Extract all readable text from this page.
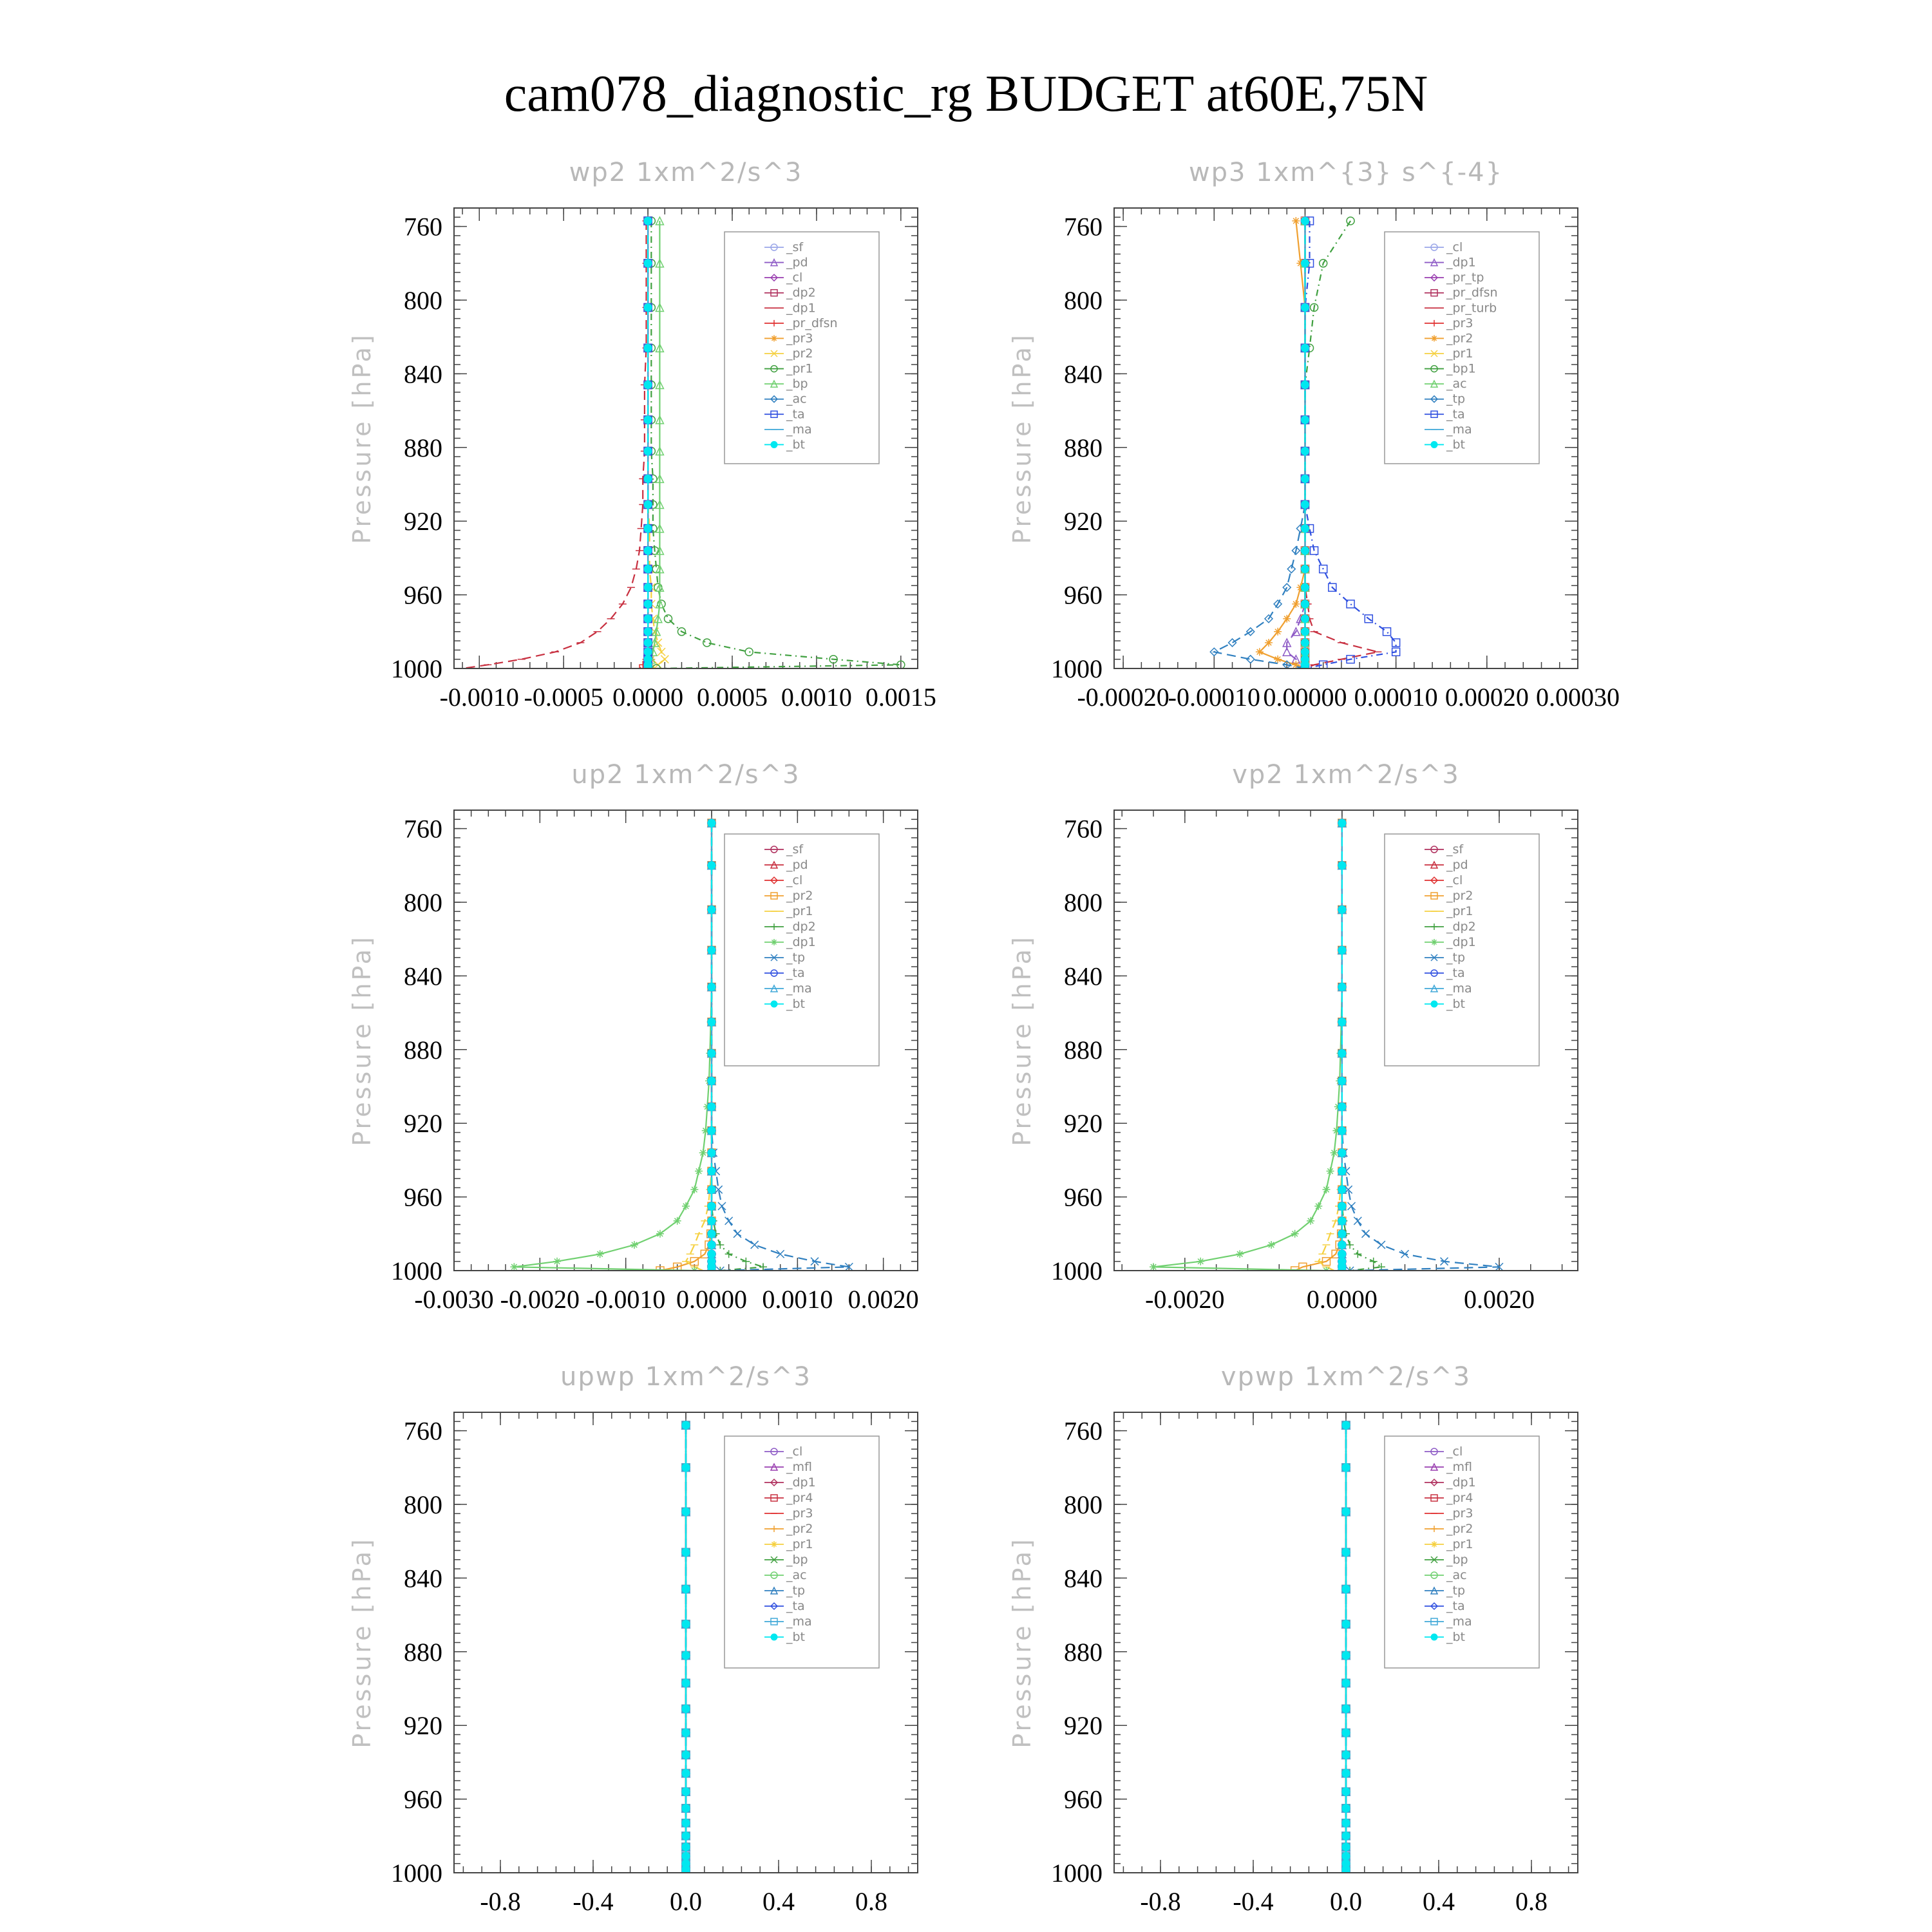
cam078_diagnostic_rg BUDGET at60E,75N
wp2 1xm^2/s^3
Pressure [hPa]
760
800
840
880
920
960
1000
-0.0010 -0.0005 0.0000 0.0005 0.0010 0.0015
_sf
_pd
_cl
_dp2
_dp1
_pr_dfsn
_pr3
_pr2
_pr1
_bp
_ac
_ta
_ma
_bt
wp3 1xm^{3} s^{-4}
Pressure [hPa]
760
800
840
880
920
960
1000
-0.00020
-0.00010 0.00000 0.00010 0.00020 0.00030
_cl
_dp1
_pr_tp
_pr_dfsn
_pr_turb
_pr3
_pr2
_pr1
_bp1
_ac
_tp
_ta
_ma
_bt
up2 1xm^2/s^3
Pressure [hPa]
760
800
840
880
920
960
1000
-0.0030 -0.0020 -0.0010 0.0000 0.0010 0.0020
_sf
_pd
_cl
_pr2
_pr1
_dp2
_dp1
_tp
_ta
_ma
_bt
vp2 1xm^2/s^3
Pressure [hPa]
760
800
840
880
920
960
1000
-0.0020	0.0000	0.0020
_sf
_pd
_cl
_pr2
_pr1
_dp2
_dp1
_tp
_ta
_ma
_bt
upwp 1xm^2/s^3
Pressure [hPa]
760
800
840
880
920
960
1000
-0.8 -0.4 0.0 0.4 0.8
_cl
_mfl
_dp1
_pr4
_pr3
_pr2
_pr1
_bp
_ac
_tp
_ta
_ma
_bt
vpwp 1xm^2/s^3
Pressure [hPa]
760
800
840
880
920
960
1000
-0.8 -0.4 0.0 0.4 0.8
_cl
_mfl
_dp1
_pr4
_pr3
_pr2
_pr1
_bp
_ac
_tp
_ta
_ma
_bt
